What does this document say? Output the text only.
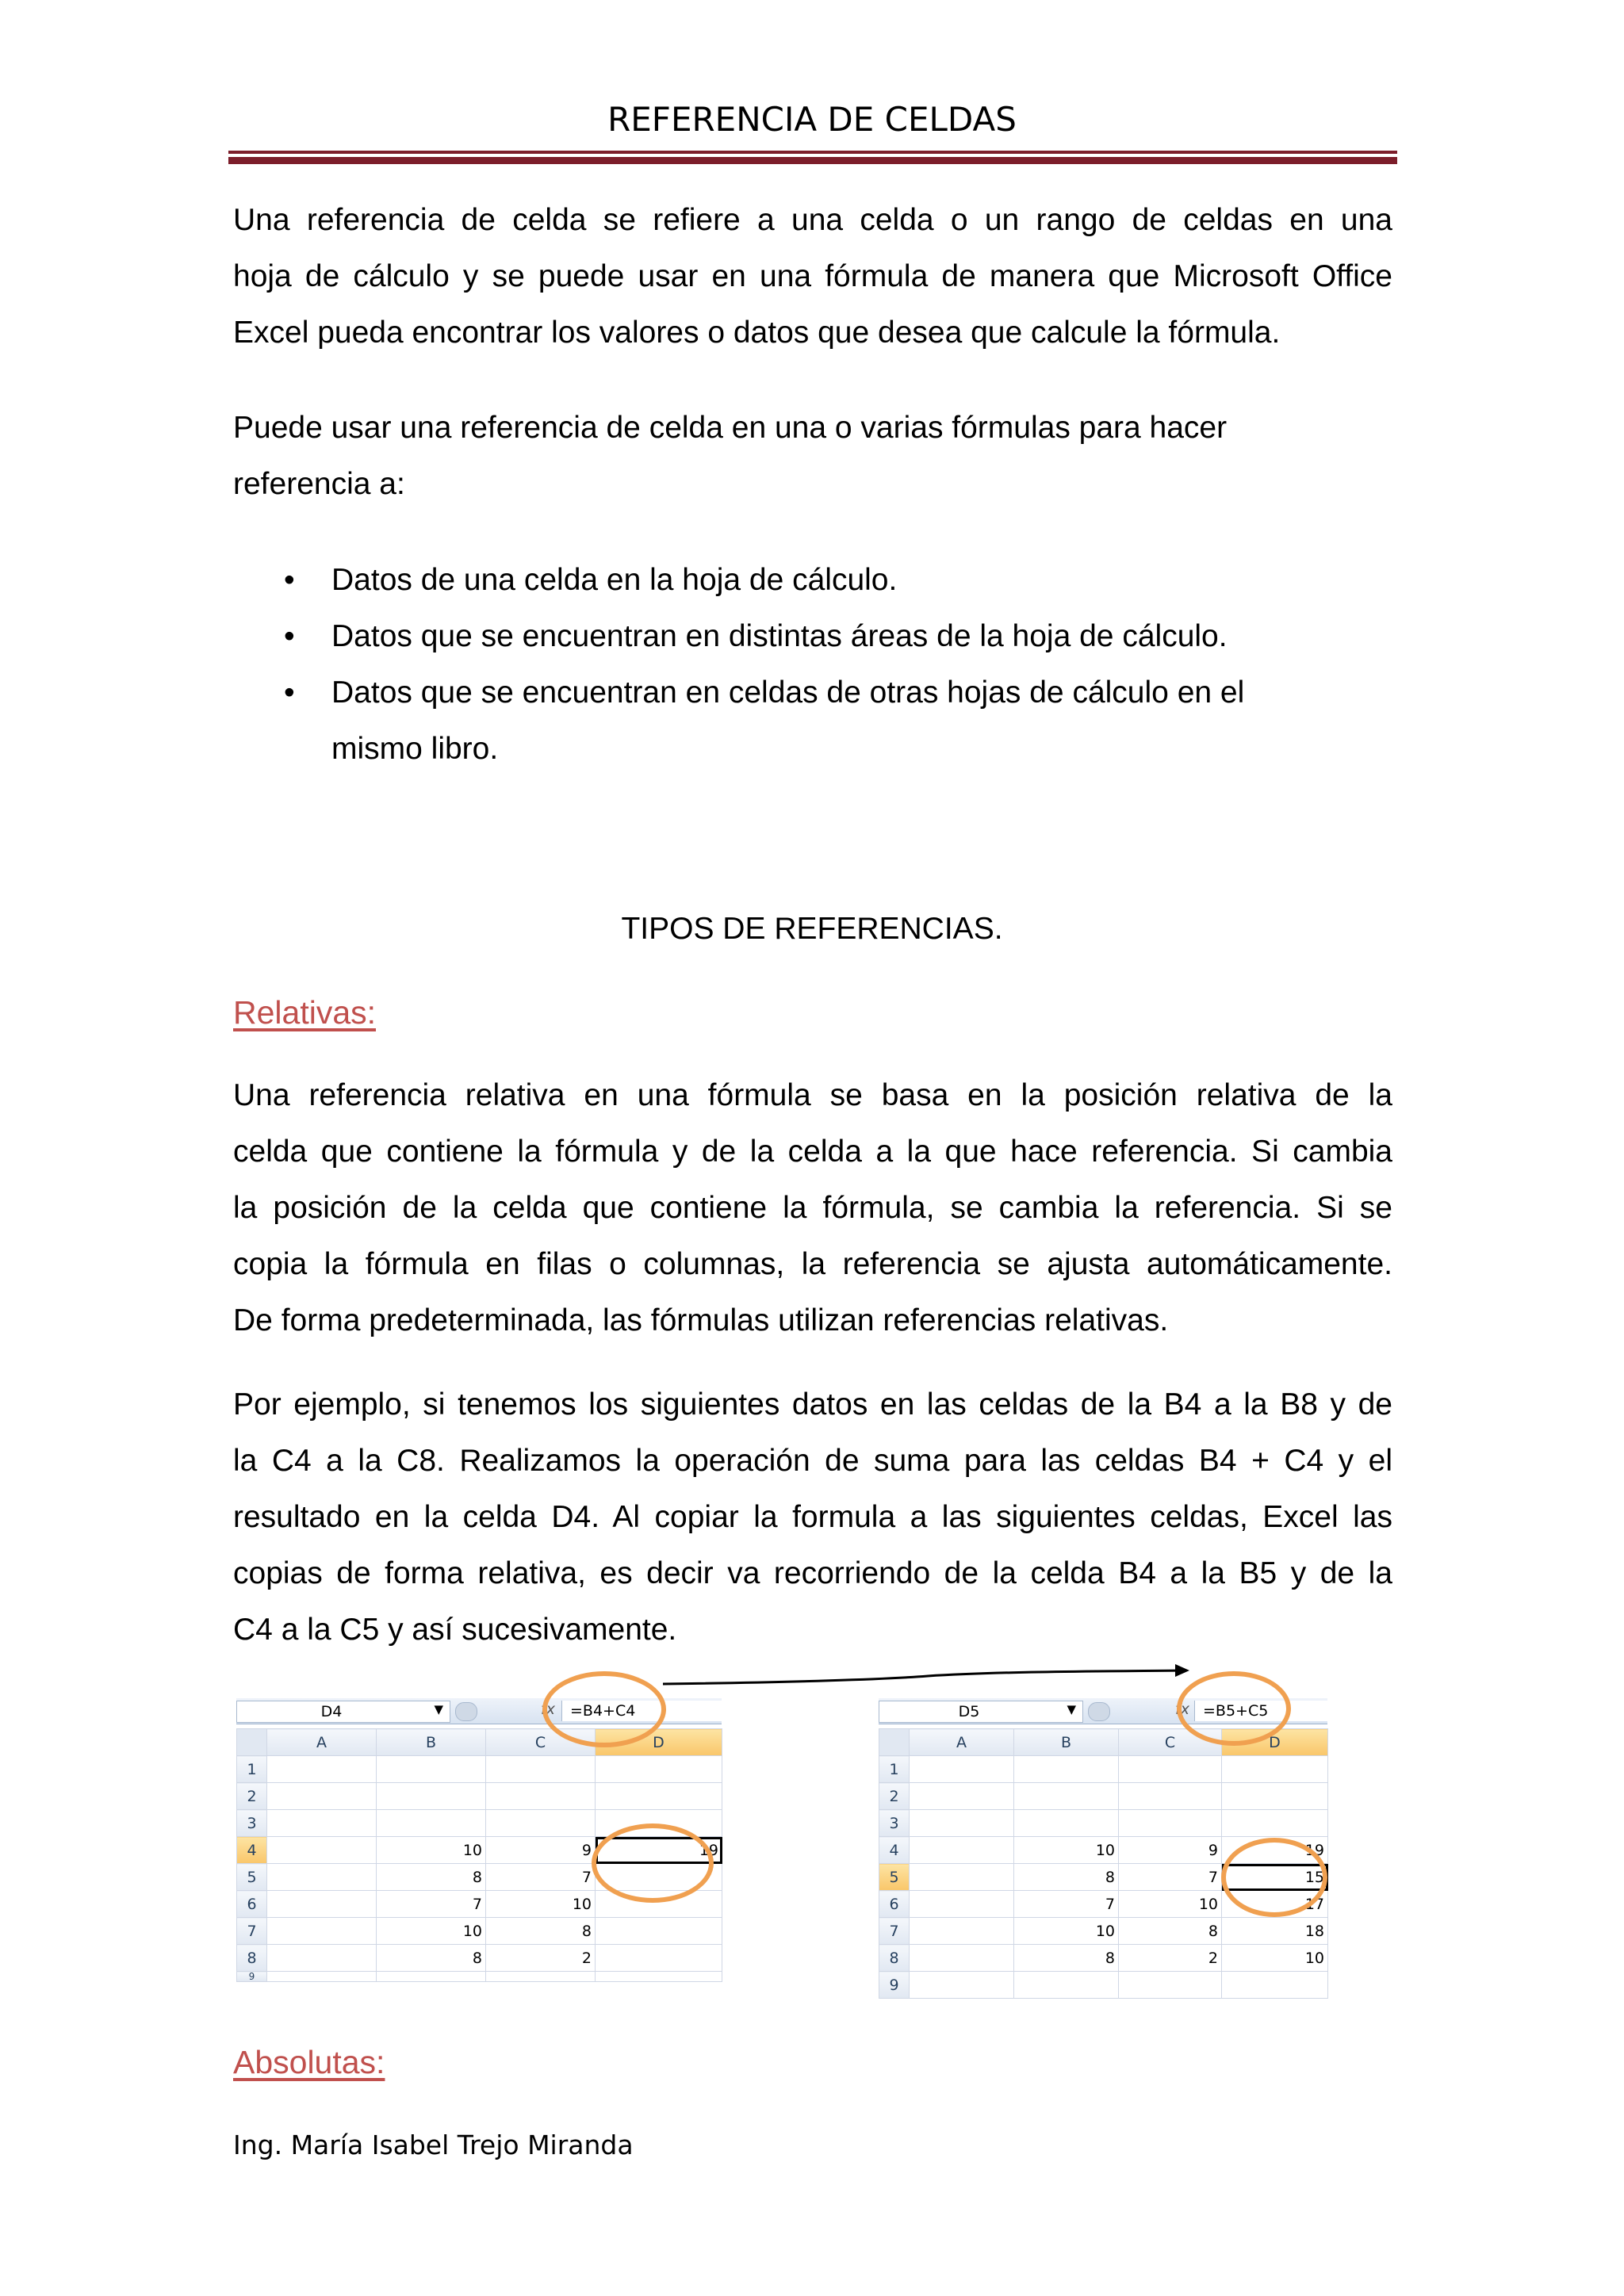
REFERENCIA DE CELDAS
Una referencia de celda se refiere a una celda o un rango de celdas en una
hoja de cálculo y se puede usar en una fórmula de manera que Microsoft Office
Excel pueda encontrar los valores o datos que desea que calcule la fórmula.
Puede usar una referencia de celda en una o varias fórmulas para hacer
referencia a:
• Datos de una celda en la hoja de cálculo.
• Datos que se encuentran en distintas áreas de la hoja de cálculo.
• Datos que se encuentran en celdas de otras hojas de cálculo en el mismo libro.
TIPOS DE REFERENCIAS.
Relativas:
Una referencia relativa en una fórmula se basa en la posición relativa de la
celda que contiene la fórmula y de la celda a la que hace referencia. Si cambia
la posición de la celda que contiene la fórmula, se cambia la referencia. Si se
copia la fórmula en filas o columnas, la referencia se ajusta automáticamente.
De forma predeterminada, las fórmulas utilizan referencias relativas.
Por ejemplo, si tenemos los siguientes datos en las celdas de la B4 a la B8 y de
la C4 a la C8. Realizamos la operación de suma para las celdas B4 + C4 y el
resultado en la celda D4. Al copiar la formula a las siguientes celdas, Excel las
copias de forma relativa, es decir va recorriendo de la celda B4 a la B5 y de la
C4 a la C5 y así sucesivamente.
D4	▼	fx =B4+C4
	A	B	C	D
1				
2				
3				
4		10	9	19
5		8	7	
6		7	10	
7		10	8	
8		8	2	
9				
D5	▼	fx =B5+C5
	A	B	C	D
1				
2				
3				
4		10	9	19
5		8	7	15
6		7	10	17
7		10	8	18
8		8	2	10
9				
Absolutas:
Ing. María Isabel Trejo Miranda
